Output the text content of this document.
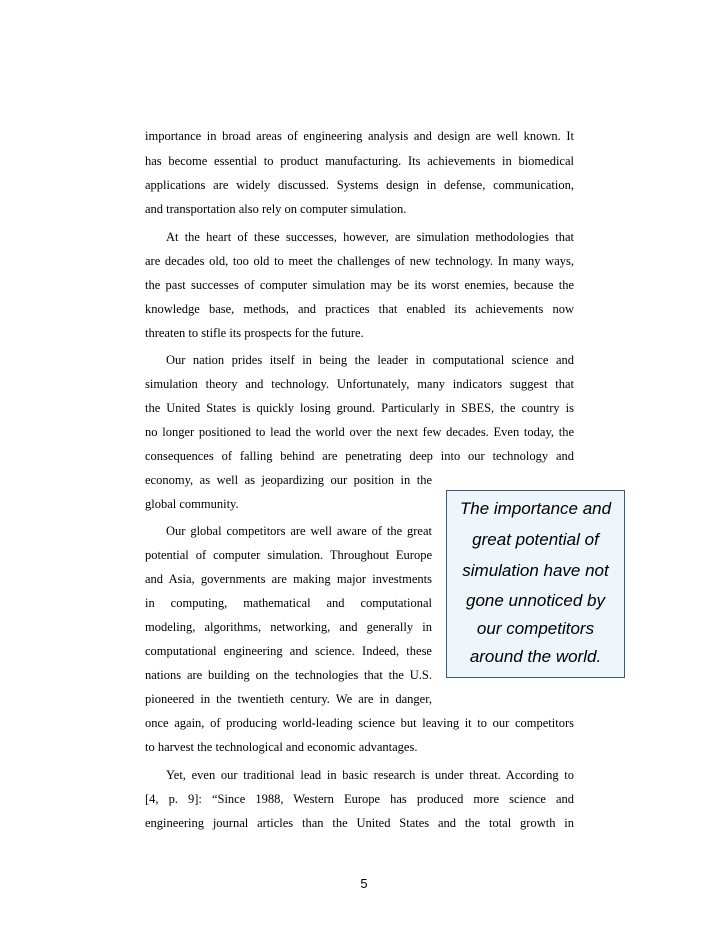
importance in broad areas of engineering analysis and design are well known. It
has become essential to product manufacturing. Its achievements in biomedical
applications are widely discussed. Systems design in defense, communication,
and transportation also rely on computer simulation.
At the heart of these successes, however, are simulation methodologies that
are decades old, too old to meet the challenges of new technology. In many ways,
the past successes of computer simulation may be its worst enemies, because the
knowledge base, methods, and practices that enabled its achievements now
threaten to stifle its prospects for the future.
Our nation prides itself in being the leader in computational science and
simulation theory and technology. Unfortunately, many indicators suggest that
the United States is quickly losing ground. Particularly in SBES, the country is
no longer positioned to lead the world over the next few decades. Even today, the
consequences of falling behind are penetrating deep into our technology and
economy, as well as jeopardizing our position in the
global community.
Our global competitors are well aware of the great
potential of computer simulation. Throughout Europe
and Asia, governments are making major investments
in computing, mathematical and computational
modeling, algorithms, networking, and generally in
computational engineering and science. Indeed, these
nations are building on the technologies that the U.S.
pioneered in the twentieth century. We are in danger,
once again, of producing world-leading science but leaving it to our competitors
to harvest the technological and economic advantages.
Yet, even our traditional lead in basic research is under threat. According to
[4, p. 9]: “Since 1988, Western Europe has produced more science and
engineering journal articles than the United States and the total growth in
The importance and
great potential of
simulation have not
gone unnoticed by
our competitors
around the world.
5
